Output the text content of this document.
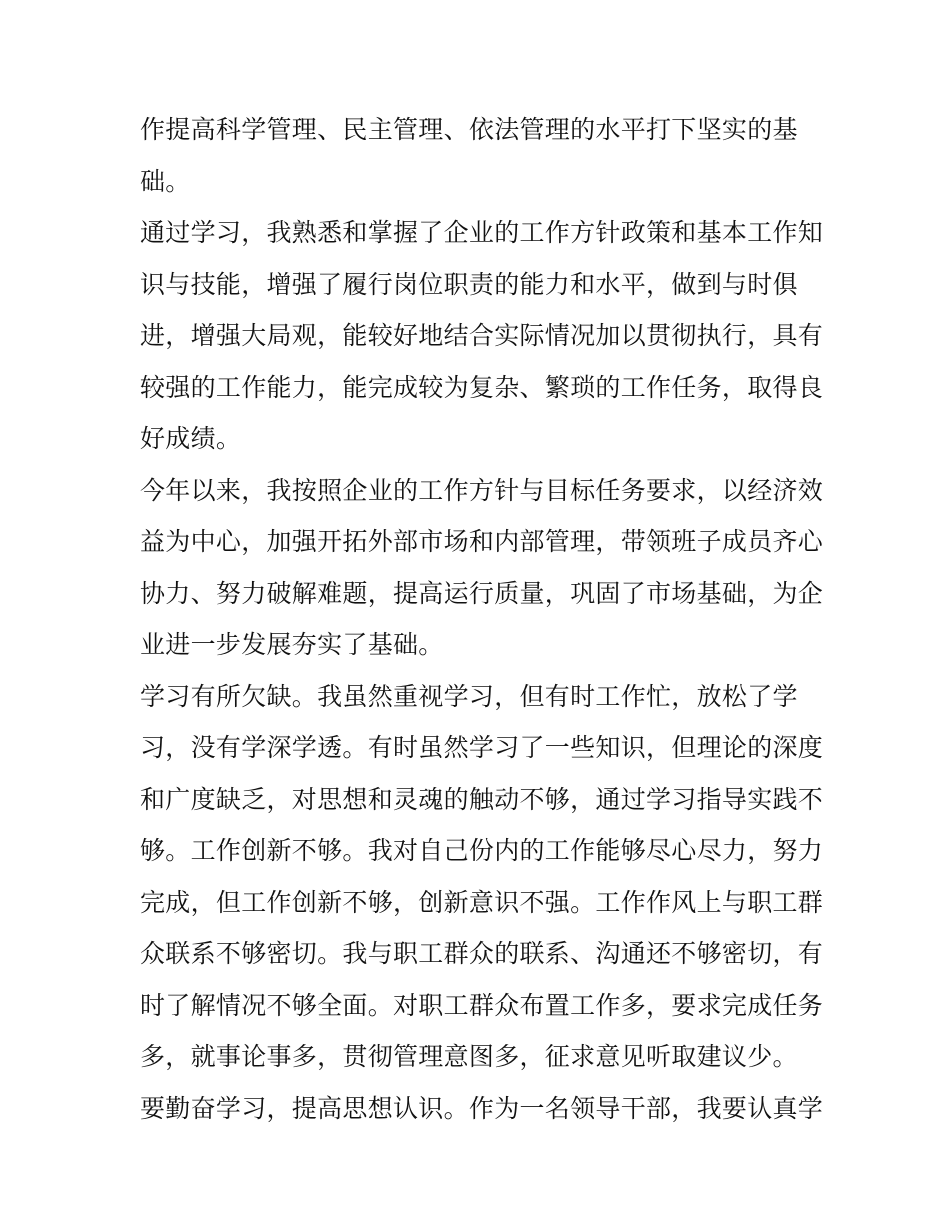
作提高科学管理、民主管理、依法管理的水平打下坚实的基
础。
通过学习，我熟悉和掌握了企业的工作方针政策和基本工作知
识与技能，增强了履行岗位职责的能力和水平，做到与时俱
进，增强大局观，能较好地结合实际情况加以贯彻执行，具有
较强的工作能力，能完成较为复杂、繁琐的工作任务，取得良
好成绩。
今年以来，我按照企业的工作方针与目标任务要求，以经济效
益为中心，加强开拓外部市场和内部管理，带领班子成员齐心
协力、努力破解难题，提高运行质量，巩固了市场基础，为企
业进一步发展夯实了基础。
学习有所欠缺。我虽然重视学习，但有时工作忙，放松了学
习，没有学深学透。有时虽然学习了一些知识，但理论的深度
和广度缺乏，对思想和灵魂的触动不够，通过学习指导实践不
够。工作创新不够。我对自己份内的工作能够尽心尽力，努力
完成，但工作创新不够，创新意识不强。工作作风上与职工群
众联系不够密切。我与职工群众的联系、沟通还不够密切，有
时了解情况不够全面。对职工群众布置工作多，要求完成任务
多，就事论事多，贯彻管理意图多，征求意见听取建议少。
要勤奋学习，提高思想认识。作为一名领导干部，我要认真学
